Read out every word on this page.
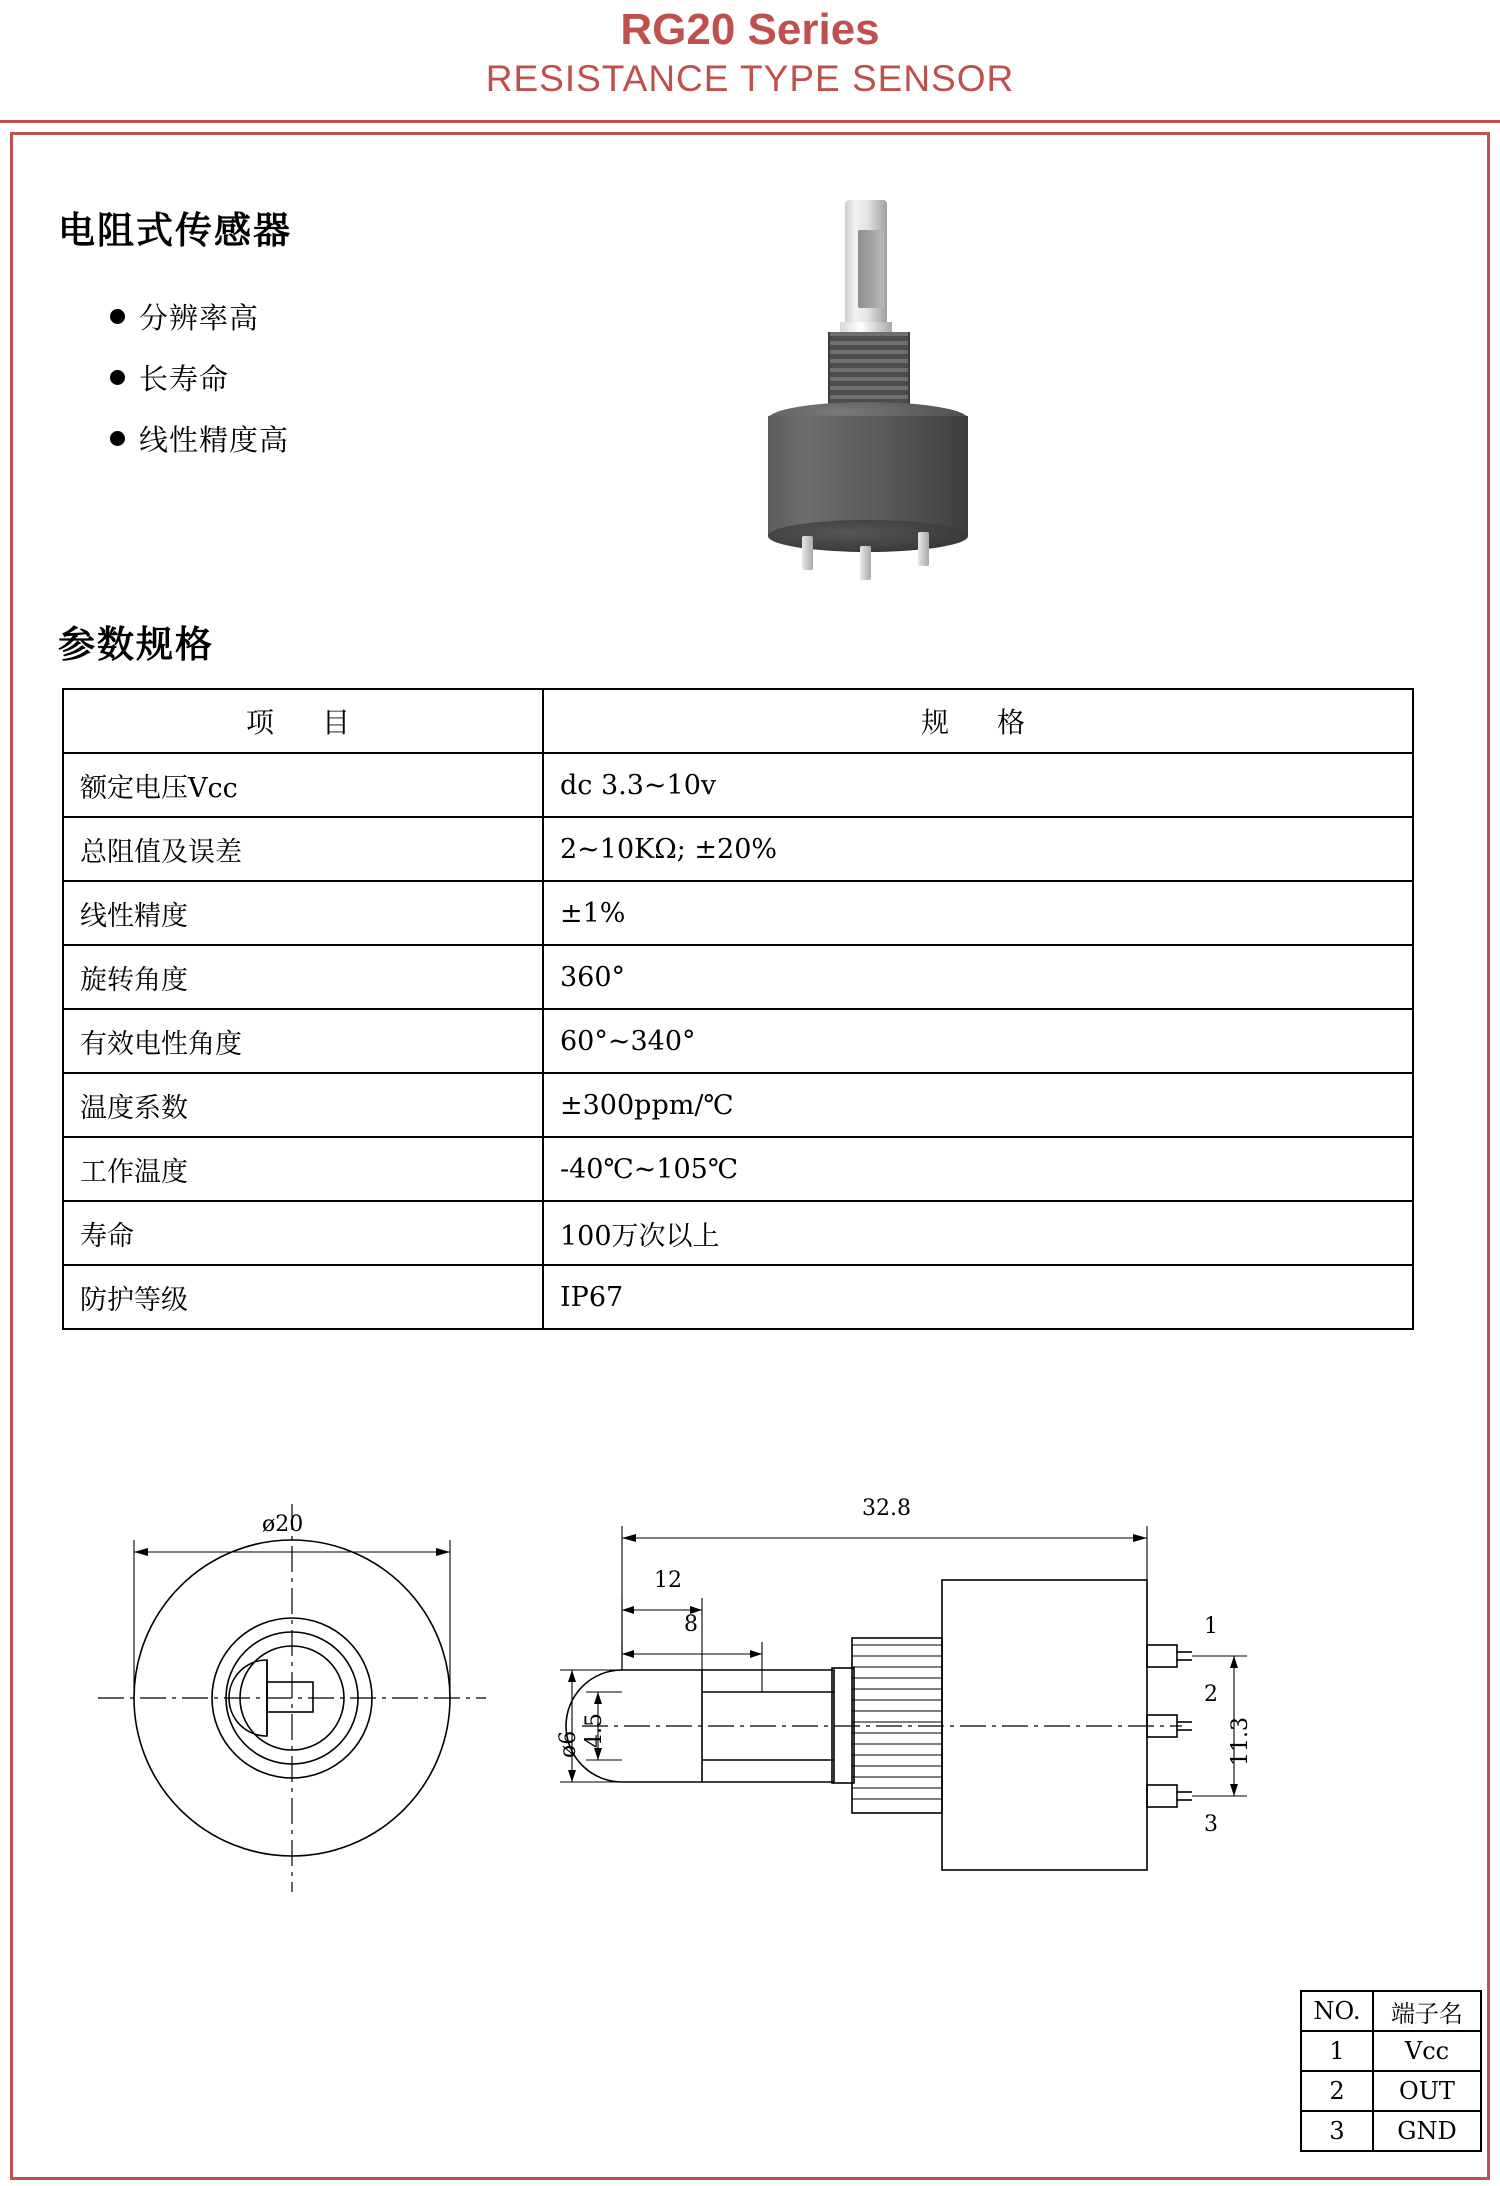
RG20 Series
RESISTANCE TYPE SENSOR
电阻式传感器
分辨率高
长寿命
线性精度高
参数规格
项　目	规　格
额定电压Vcc	dc 3.3~10v
总阻值及误差	2~10KΩ; ±20%
线性精度	±1%
旋转角度	360°
有效电性角度	60°~340°
温度系数	±300ppm/℃
工作温度	-40℃~105℃
寿命	100万次以上
防护等级	IP67
ø20
32.8
12
8
4.5
ø6	11.3
1
2
3
NO.	端子名
1	Vcc
2	OUT
3	GND
